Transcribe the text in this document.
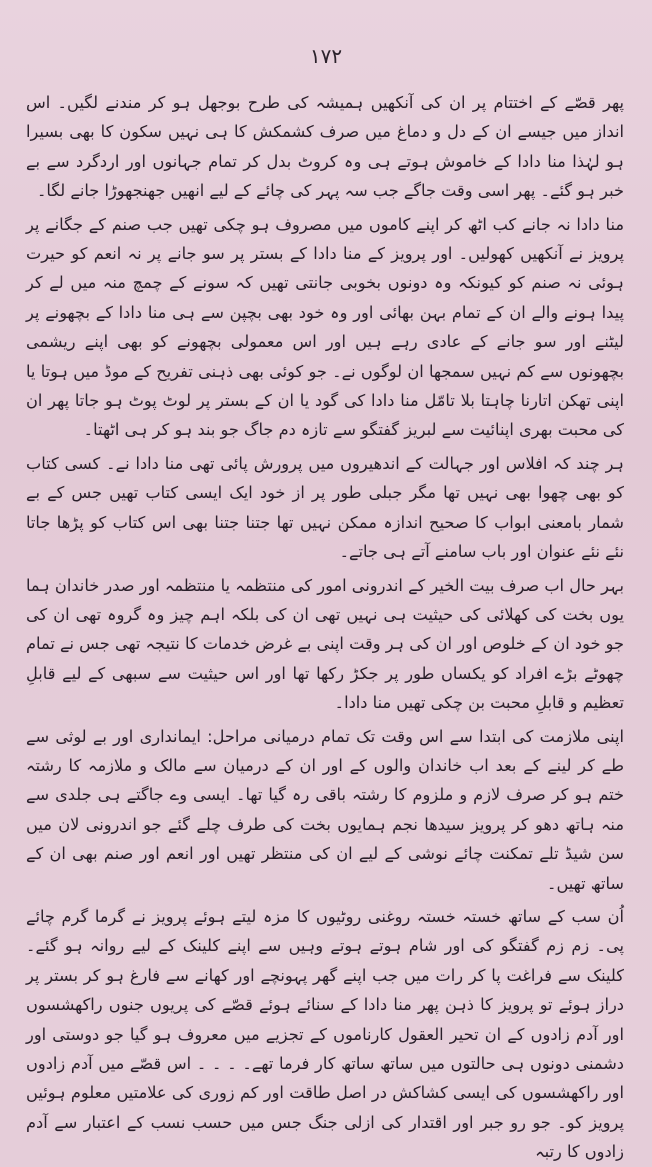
۱۷۲

پھر قصّے کے اختتام پر ان کی آنکھیں ہمیشہ کی طرح بوجھل ہو کر مندنے لگیں۔ اس انداز میں جیسے ان کے دل و دماغ میں صرف کشمکش کا ہی نہیں سکون کا بھی بسیرا ہو لہٰذا منا دادا کے خاموش ہوتے ہی وہ کروٹ بدل کر تمام جہانوں اور اردگرد سے بے خبر ہو گئے۔ پھر اسی وقت جاگے جب سہ پہر کی چائے کے لیے انھیں جھنجھوڑا جانے لگا۔

منا دادا نہ جانے کب اٹھ کر اپنے کاموں میں مصروف ہو چکی تھیں جب صنم کے جگانے پر پرویز نے آنکھیں کھولیں۔ اور پرویز کے منا دادا کے بستر پر سو جانے پر نہ انعم کو حیرت ہوئی نہ صنم کو کیونکہ وہ دونوں بخوبی جانتی تھیں کہ سونے کے چمچ منہ میں لے کر پیدا ہونے والے ان کے تمام بہن بھائی اور وہ خود بھی بچپن سے ہی منا دادا کے بچھونے پر لیٹنے اور سو جانے کے عادی رہے ہیں اور اس معمولی بچھونے کو بھی اپنے ریشمی بچھونوں سے کم نہیں سمجھا ان لوگوں نے۔ جو کوئی بھی ذہنی تفریح کے موڈ میں ہوتا یا اپنی تھکن اتارنا چاہتا بلا تامّل منا دادا کی گود یا ان کے بستر پر لوٹ پوٹ ہو جاتا پھر ان کی محبت بھری اپنائیت سے لبریز گفتگو سے تازہ دم جاگ جو بند ہو کر ہی اٹھتا۔

ہر چند کہ افلاس اور جہالت کے اندھیروں میں پرورش پائی تھی منا دادا نے۔ کسی کتاب کو بھی چھوا بھی نہیں تھا مگر جبلی طور پر از خود ایک ایسی کتاب تھیں جس کے بے شمار بامعنی ابواب کا صحیح اندازہ ممکن نہیں تھا جتنا جتنا بھی اس کتاب کو پڑھا جاتا نئے نئے عنوان اور باب سامنے آتے ہی جاتے۔

بہر حال اب صرف بیت الخیر کے اندرونی امور کی منتظمہ یا منتظمہ اور صدر خاندان ہما یوں بخت کی کھلائی کی حیثیت ہی نہیں تھی ان کی بلکہ اہم چیز وہ گروہ تھی ان کی جو خود ان کے خلوص اور ان کی ہر وقت اپنی بے غرض خدمات کا نتیجہ تھی جس نے تمام چھوٹے بڑے افراد کو یکساں طور پر جکڑ رکھا تھا اور اس حیثیت سے سبھی کے لیے قابلِ تعظیم و قابلِ محبت بن چکی تھیں منا دادا۔

اپنی ملازمت کی ابتدا سے اس وقت تک تمام درمیانی مراحل: ایمانداری اور بے لوثی سے طے کر لینے کے بعد اب خاندان والوں کے اور ان کے درمیان سے مالک و ملازمہ کا رشتہ ختم ہو کر صرف لازم و ملزوم کا رشتہ باقی رہ گیا تھا۔ ایسی وے جاگتے ہی جلدی سے منہ ہاتھ دھو کر پرویز سیدھا نجم ہمایوں بخت کی طرف چلے گئے جو اندرونی لان میں سن شیڈ تلے تمکنت چائے نوشی کے لیے ان کی منتظر تھیں اور انعم اور صنم بھی ان کے ساتھ تھیں۔

اُن سب کے ساتھ خستہ خستہ روغنی روٹیوں کا مزہ لیتے ہوئے پرویز نے گرما گرم چائے پی۔ زم زم گفتگو کی اور شام ہوتے ہوتے وہیں سے اپنے کلینک کے لیے روانہ ہو گئے۔ کلینک سے فراغت پا کر رات میں جب اپنے گھر پہونچے اور کھانے سے فارغ ہو کر بستر پر دراز ہوئے تو پرویز کا ذہن پھر منا دادا کے سنائے ہوئے قصّے کی پریوں جنوں راکھشسوں اور آدم زادوں کے ان تحیر العقول کارناموں کے تجزیے میں معروف ہو گیا جو دوستی اور دشمنی دونوں ہی حالتوں میں ساتھ ساتھ کار فرما تھے۔ ۔ ۔ ۔ اس قصّے میں آدم زادوں اور راکھشسوں کی ایسی کشاکش در اصل طاقت اور کم زوری کی علامتیں معلوم ہوئیں پرویز کو۔ جو رو جبر اور اقتدار کی ازلی جنگ جس میں حسب نسب کے اعتبار سے آدم زادوں کا رتبہ
